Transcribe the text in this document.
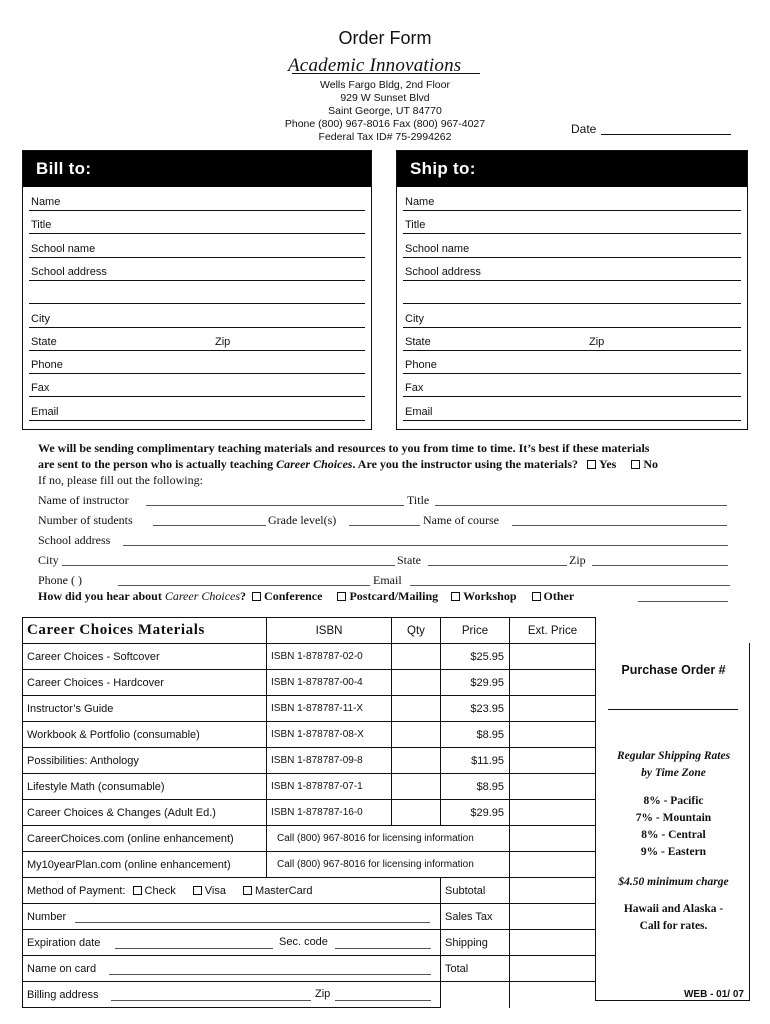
Order Form
Academic Innovations
Wells Fargo Bldg, 2nd Floor
929 W Sunset Blvd
Saint George, UT 84770
Phone (800) 967-8016 Fax (800) 967-4027
Federal Tax ID# 75-2994262
Date
Bill to:
Name
Title
School name
School address
City
State	Zip
Phone
Fax
Email
Ship to:
Name
Title
School name
School address
City
State	Zip
Phone
Fax
Email
We will be sending complimentary teaching materials and resources to you from time to time. It’s best if these materials
are sent to the person who is actually teaching Career Choices. Are you the instructor using the materials? Yes No
If no, please fill out the following:
Name of instructor	Title
Number of students	Grade level(s)	Name of course
School address
City	State	Zip
Phone ( )	Email
How did you hear about Career Choices? Conference Postcard/Mailing Workshop Other
Career Choices Materials	ISBN	Qty	Price	Ext. Price
Career Choices - Softcover	ISBN 1-878787-02-0		$25.95	
Career Choices - Hardcover	ISBN 1-878787-00-4		$29.95	
Instructor’s Guide	ISBN 1-878787-11-X		$23.95	
Workbook & Portfolio (consumable)	ISBN 1-878787-08-X		$8.95	
Possibilities: Anthology	ISBN 1-878787-09-8		$11.95	
Lifestyle Math (consumable)	ISBN 1-878787-07-1		$8.95	
Career Choices & Changes (Adult Ed.)	ISBN 1-878787-16-0		$29.95	
CareerChoices.com (online enhancement)	Call (800) 967-8016 for licensing information			
My10yearPlan.com (online enhancement)	Call (800) 967-8016 for licensing information			
Method of Payment: Check Visa MasterCard			Subtotal	
Number			Sales Tax	
Expiration date Sec. code			Shipping	
Name on card			Total	
Billing address Zip				

Purchase Order #
Regular Shipping Rates
by Time Zone
8% - Pacific
7% - Mountain
8% - Central
9% - Eastern
$4.50 minimum charge
Hawaii and Alaska -
Call for rates.
WEB - 01/ 07
